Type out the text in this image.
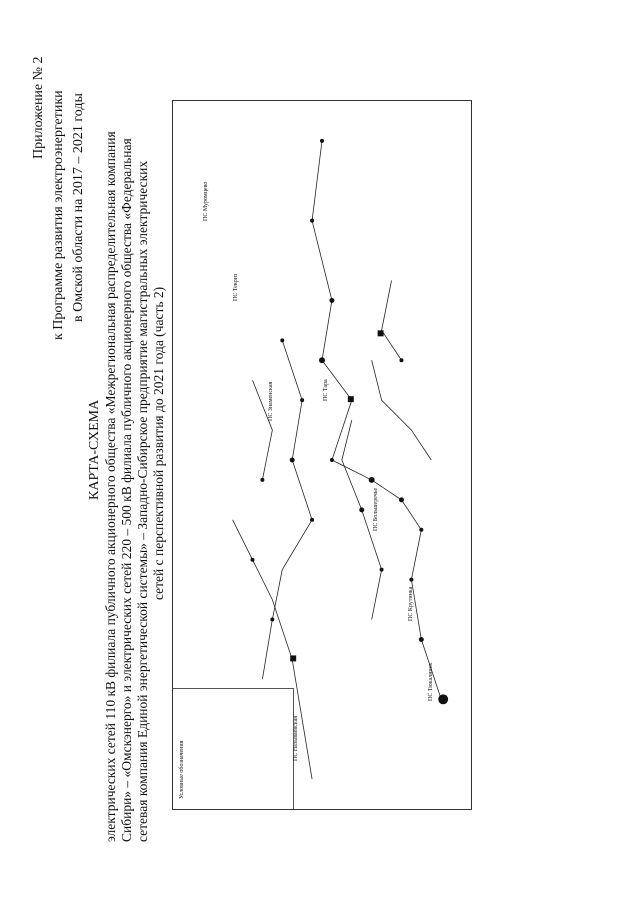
Приложение № 2
Условные обозначения
ПС Муромцево
ПС Тевриз
ПС Знаменская	ПС Тара
ПС Большеречье
ПС Крутинка
ПС Тюкалинск
ПС Называевская
к Программе развития электроэнергетики в Омской области на 2017 – 2021 годы
КАРТА-СХЕМА электрических сетей 110 кВ филиала публичного акционерного общества «Межрегиональная распределительная компания Сибири» – «Омскэнерго» и электрических сетей 220 – 500 кВ филиала публичного акционерного общества «Федеральная сетевая компания Единой энергетической системы» – Западно-Сибирское предприятие магистральных электрических сетей с перспективной развития до 2021 года (часть 2)
